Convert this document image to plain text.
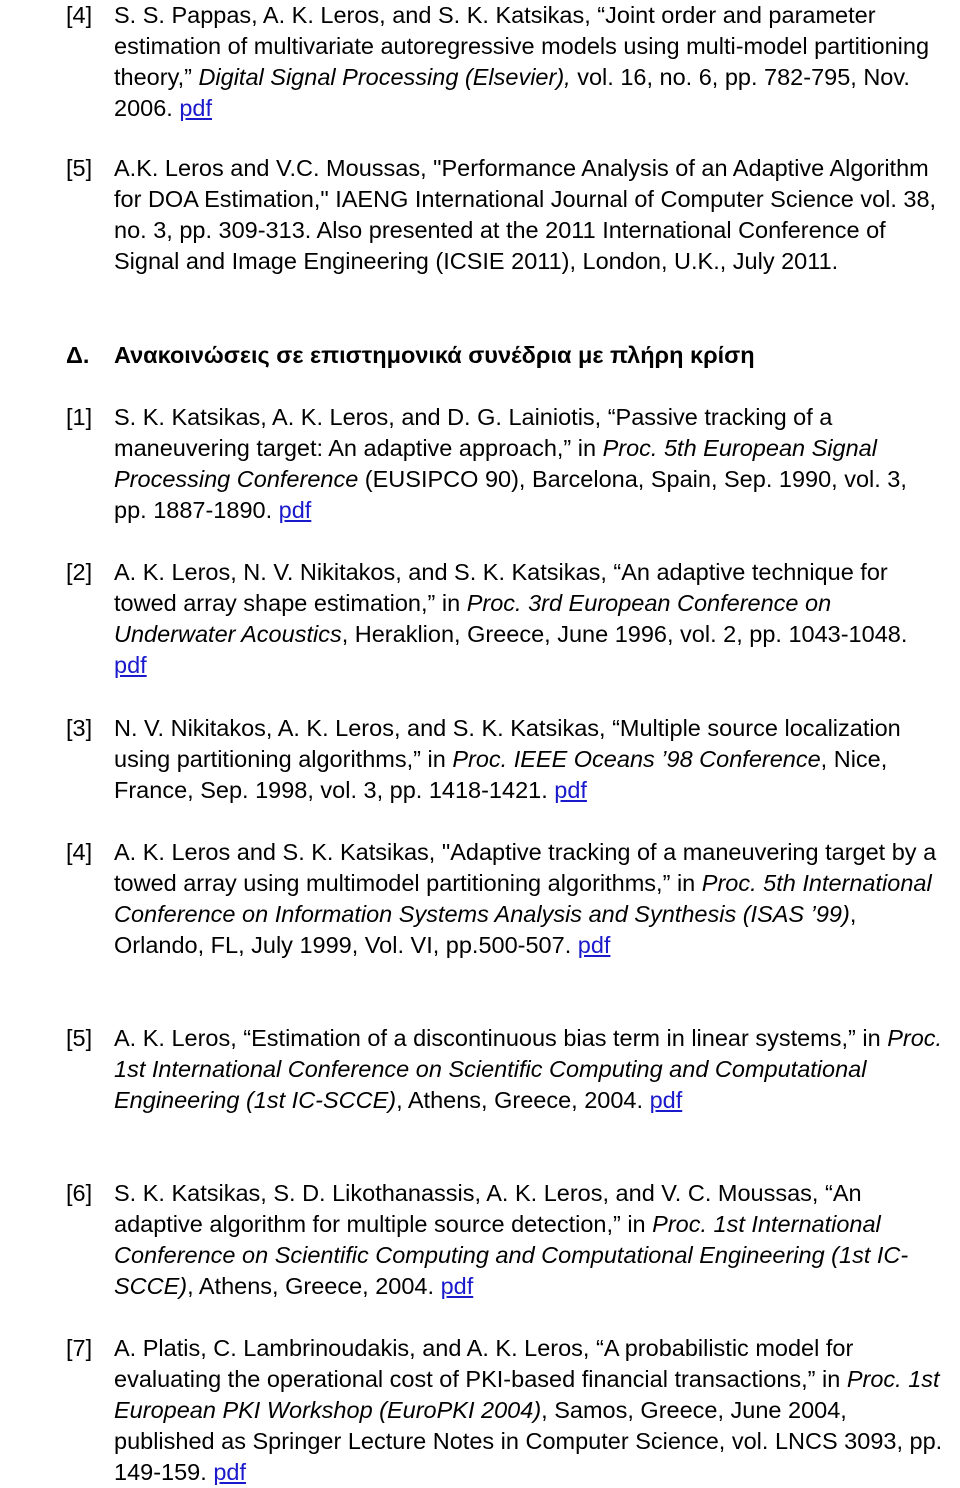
[4] S. S. Pappas, A. K. Leros, and S. K. Katsikas, “Joint order and parameter estimation of multivariate autoregressive models using multi-model partitioning theory,” Digital Signal Processing (Elsevier), vol. 16, no. 6, pp. 782-795, Nov. 2006. pdf
[5] A.K. Leros and V.C. Moussas, "Performance Analysis of an Adaptive Algorithm for DOA Estimation," IAENG International Journal of Computer Science vol. 38, no. 3, pp. 309-313. Also presented at the 2011 International Conference of Signal and Image Engineering (ICSIE 2011), London, U.K., July 2011.
Δ. Ανακοινώσεις σε επιστημονικά συνέδρια με πλήρη κρίση
[1] S. K. Katsikas, A. K. Leros, and D. G. Lainiotis, “Passive tracking of a maneuvering target: An adaptive approach,” in Proc. 5th European Signal Processing Conference (EUSIPCO 90), Barcelona, Spain, Sep. 1990, vol. 3, pp. 1887-1890. pdf
[2] A. K. Leros, N. V. Nikitakos, and S. K. Katsikas, “An adaptive technique for towed array shape estimation,” in Proc. 3rd European Conference on Underwater Acoustics, Heraklion, Greece, June 1996, vol. 2, pp. 1043-1048. pdf
[3] N. V. Nikitakos, A. K. Leros, and S. K. Katsikas, “Multiple source localization using partitioning algorithms,” in Proc. IEEE Oceans ’98 Conference, Nice, France, Sep. 1998, vol. 3, pp. 1418-1421. pdf
[4] A. K. Leros and S. K. Katsikas, "Adaptive tracking of a maneuvering target by a towed array using multimodel partitioning algorithms,” in Proc. 5th International Conference on Information Systems Analysis and Synthesis (ISAS ’99), Orlando, FL, July 1999, Vol. VI, pp.500-507. pdf
[5] A. K. Leros, “Estimation of a discontinuous bias term in linear systems,” in Proc. 1st International Conference on Scientific Computing and Computational Engineering (1st IC-SCCE), Athens, Greece, 2004. pdf
[6] S. K. Katsikas, S. D. Likothanassis, A. K. Leros, and V. C. Moussas, “An adaptive algorithm for multiple source detection,” in Proc. 1st International Conference on Scientific Computing and Computational Engineering (1st IC-SCCE), Athens, Greece, 2004. pdf
[7] A. Platis, C. Lambrinoudakis, and A. K. Leros, “A probabilistic model for evaluating the operational cost of PKI-based financial transactions,” in Proc. 1st European PKI Workshop (EuroPKI 2004), Samos, Greece, June 2004, published as Springer Lecture Notes in Computer Science, vol. LNCS 3093, pp. 149-159. pdf
